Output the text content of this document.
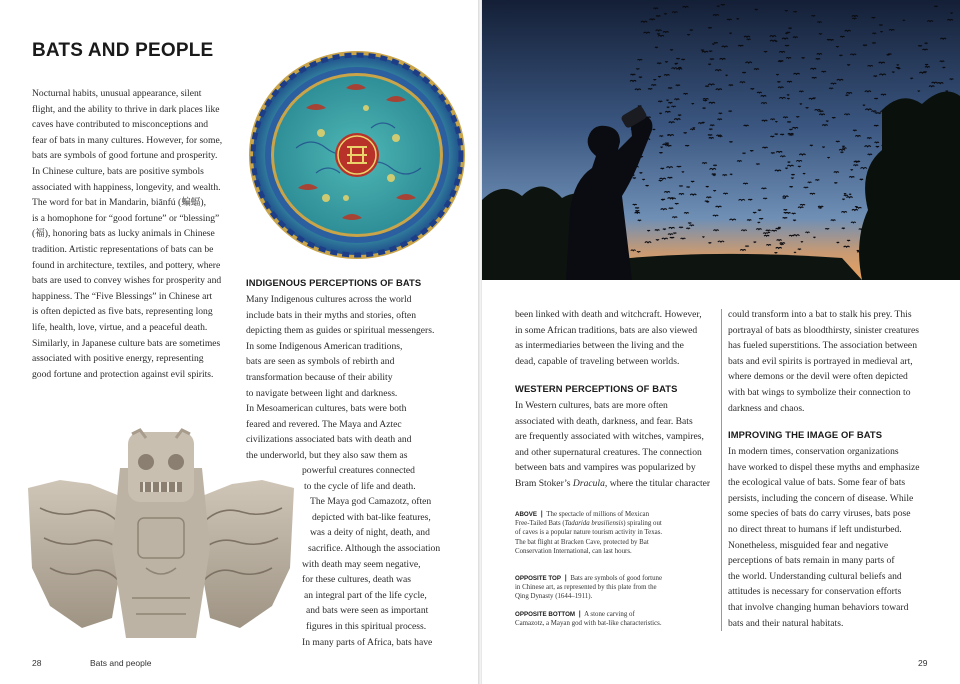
BATS AND PEOPLE
Nocturnal habits, unusual appearance, silent
flight, and the ability to thrive in dark places like
caves have contributed to misconceptions and
fear of bats in many cultures. However, for some,
bats are symbols of good fortune and prosperity.
In Chinese culture, bats are positive symbols
associated with happiness, longevity, and wealth.
The word for bat in Mandarin, biānfú (蝙蝠),
is a homophone for “good fortune” or “blessing”
(福), honoring bats as lucky animals in Chinese
tradition. Artistic representations of bats can be
found in architecture, textiles, and pottery, where
bats are used to convey wishes for prosperity and
happiness. The “Five Blessings” in Chinese art
is often depicted as five bats, representing long
life, health, love, virtue, and a peaceful death.
Similarly, in Japanese culture bats are sometimes
associated with positive energy, representing
good fortune and protection against evil spirits.
INDIGENOUS PERCEPTIONS OF BATS
Many Indigenous cultures across the world
include bats in their myths and stories, often
depicting them as guides or spiritual messengers.
In some Indigenous American traditions,
bats are seen as symbols of rebirth and
transformation because of their ability
to navigate between light and darkness.
In Mesoamerican cultures, bats were both
feared and revered. The Maya and Aztec
civilizations associated bats with death and
the underworld, but they also saw them as
powerful creatures connected
to the cycle of life and death.
The Maya god Camazotz, often
depicted with bat-like features,
was a deity of night, death, and
sacrifice. Although the association
with death may seem negative,
for these cultures, death was
an integral part of the life cycle,
and bats were seen as important
figures in this spiritual process.
In many parts of Africa, bats have
28	Bats and people
been linked with death and witchcraft. However,
in some African traditions, bats are also viewed
as intermediaries between the living and the
dead, capable of traveling between worlds.
WESTERN PERCEPTIONS OF BATS
In Western cultures, bats are more often
associated with death, darkness, and fear. Bats
are frequently associated with witches, vampires,
and other supernatural creatures. The connection
between bats and vampires was popularized by
Bram Stoker’s Dracula, where the titular character

ABOVE | The spectacle of millions of Mexican Free-Tailed Bats (Tadarida brasiliensis) spiraling out of caves is a popular nature tourism activity in Texas. The bat flight at Bracken Cave, protected by Bat Conservation International, can last hours.

OPPOSITE TOP | Bats are symbols of good fortune in Chinese art, as represented by this plate from the Qing Dynasty (1644–1911).

OPPOSITE BOTTOM | A stone carving of Camazotz, a Mayan god with bat-like characteristics.

could transform into a bat to stalk his prey. This
portrayal of bats as bloodthirsty, sinister creatures
has fueled superstitions. The association between
bats and evil spirits is portrayed in medieval art,
where demons or the devil were often depicted
with bat wings to symbolize their connection to
darkness and chaos.
IMPROVING THE IMAGE OF BATS
In modern times, conservation organizations
have worked to dispel these myths and emphasize
the ecological value of bats. Some fear of bats
persists, including the concern of disease. While
some species of bats do carry viruses, bats pose
no direct threat to humans if left undisturbed.
Nonetheless, misguided fear and negative
perceptions of bats remain in many parts of
the world. Understanding cultural beliefs and
attitudes is necessary for conservation efforts
that involve changing human behaviors toward
bats and their natural habitats.
29
